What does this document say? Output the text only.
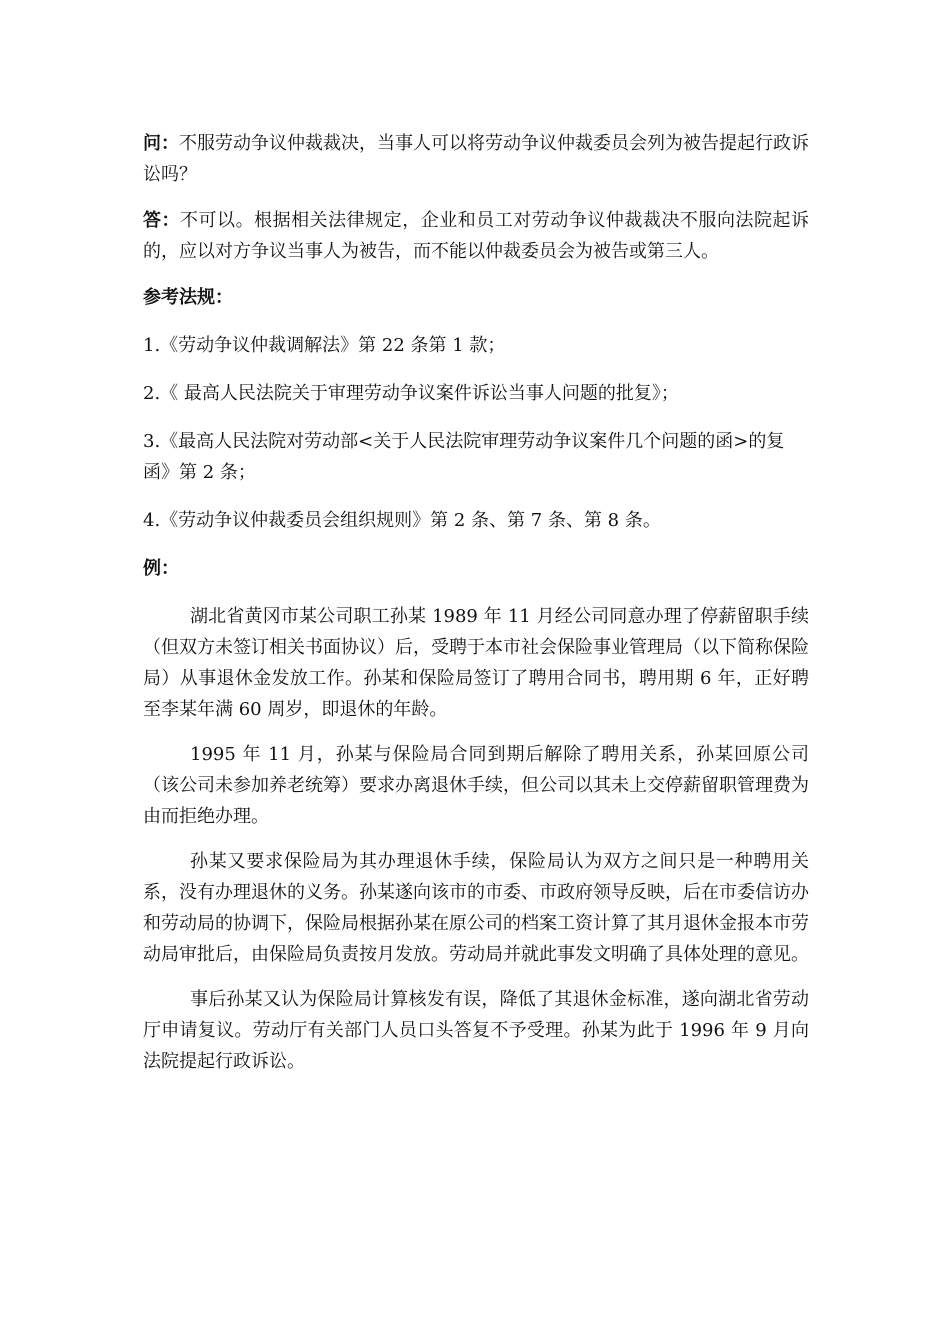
问：不服劳动争议仲裁裁决，当事人可以将劳动争议仲裁委员会列为被告提起行政诉讼吗？

答：不可以。根据相关法律规定，企业和员工对劳动争议仲裁裁决不服向法院起诉的，应以对方争议当事人为被告，而不能以仲裁委员会为被告或第三人。

参考法规：

1.《劳动争议仲裁调解法》第 22 条第 1 款；

2.《 最高人民法院关于审理劳动争议案件诉讼当事人问题的批复》；

3.《最高人民法院对劳动部<关于人民法院审理劳动争议案件几个问题的函>的复函》第 2 条；

4.《劳动争议仲裁委员会组织规则》第 2 条、第 7 条、第 8 条。

例：

湖北省黄冈市某公司职工孙某 1989 年 11 月经公司同意办理了停薪留职手续（但双方未签订相关书面协议）后，受聘于本市社会保险事业管理局（以下简称保险局）从事退休金发放工作。孙某和保险局签订了聘用合同书，聘用期 6 年，正好聘至李某年满 60 周岁，即退休的年龄。

1995 年 11 月，孙某与保险局合同到期后解除了聘用关系，孙某回原公司（该公司未参加养老统筹）要求办离退休手续，但公司以其未上交停薪留职管理费为由而拒绝办理。

孙某又要求保险局为其办理退休手续，保险局认为双方之间只是一种聘用关系，没有办理退休的义务。孙某遂向该市的市委、市政府领导反映，后在市委信访办和劳动局的协调下，保险局根据孙某在原公司的档案工资计算了其月退休金报本市劳动局审批后，由保险局负责按月发放。劳动局并就此事发文明确了具体处理的意见。

事后孙某又认为保险局计算核发有误，降低了其退休金标准，遂向湖北省劳动厅申请复议。劳动厅有关部门人员口头答复不予受理。孙某为此于 1996 年 9 月向法院提起行政诉讼。
